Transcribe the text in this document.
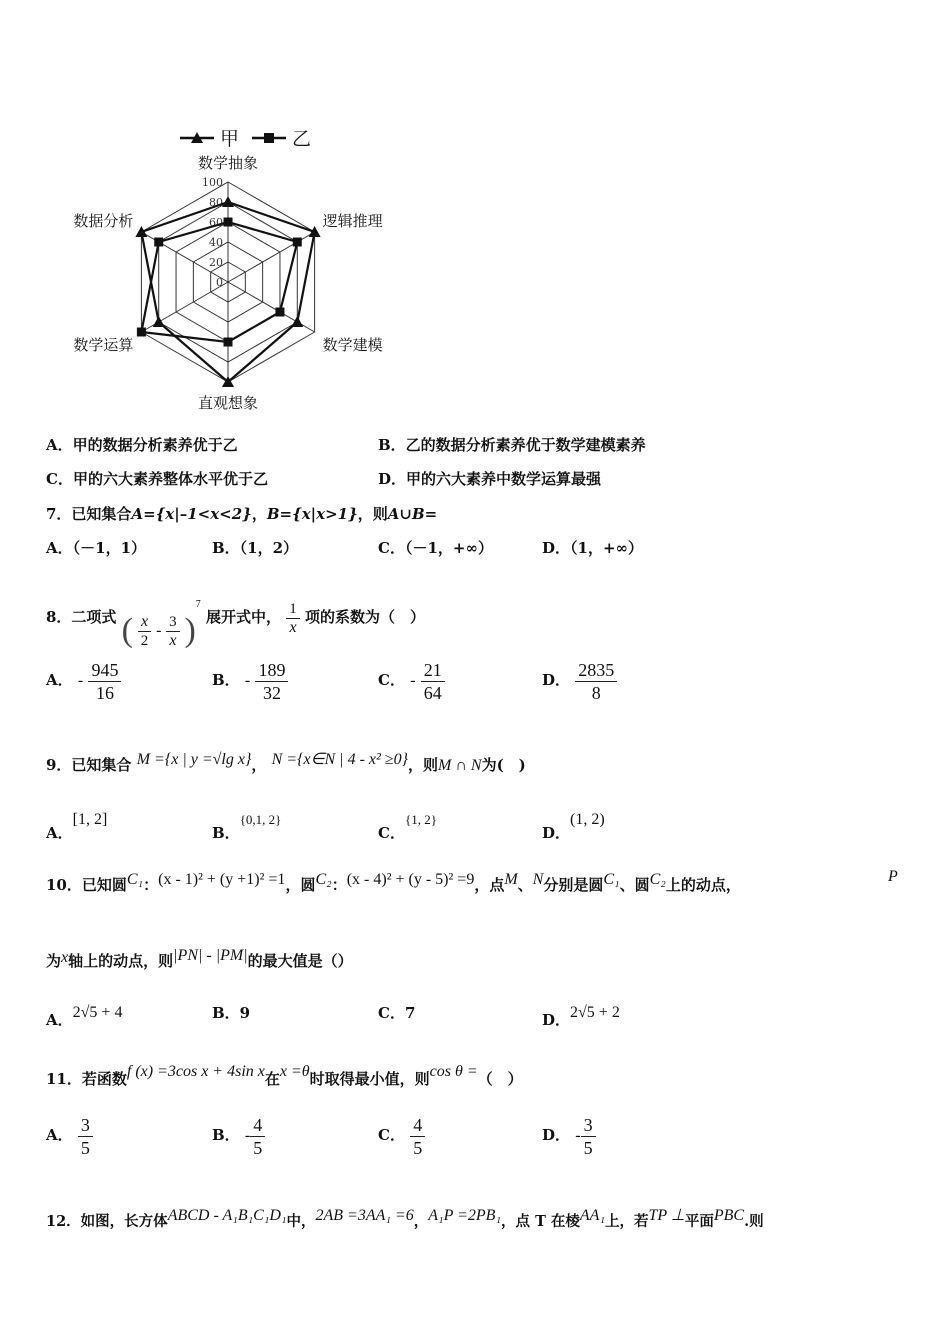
甲	乙
100
80
60
40
20
0
数学抽象
逻辑推理
数学建模
直观想象
数学运算
数据分析
A．甲的数据分析素养优于乙	B．乙的数据分析素养优于数学建模素养
C．甲的六大素养整体水平优于乙	D．甲的六大素养中数学运算最强
7．已知集合A={x|–1<x<2}，B={x|x>1}，则A∪B=
A．（－1，1）	B．（1，2）	C．（－1，+∞）	D．（1，+∞）
8．二项式 ( $\frac{x}{2} - \frac{3}{x} )^7$ 展开式中， $\frac{1}{x}$ 项的系数为（　）
A． - $\frac{945}{16}$	B． - $\frac{189}{32}$	C． - $\frac{21}{64}$	D． $\frac{2835}{8}$
9．已知集合 M ={x | y =√lg x}， N ={x∈N | 4 - x² ≥0}，则M ∩ N为(　)
A．[1, 2]
B．{0,1, 2}
C．{1, 2}
D．(1, 2)
10．已知圆C₁：(x - 1)² + (y +1)² =1，圆C₂：(x - 4)² + (y - 5)² =9，点M、N分别是圆C₁、圆C₂上的动点，	P
为x轴上的动点，则|PN| - |PM|的最大值是（）
A．2√5 + 4	B．9	C．7	D．2√5 + 2
11．若函数f (x) =3cos x + 4sin x在x =θ时取得最小值，则cos θ =（　）
A． $\frac{3}{5}$	B． - $\frac{4}{5}$	C． $\frac{4}{5}$	D． - $\frac{3}{5}$
12．如图，长方体ABCD - A₁B₁C₁D₁中，2AB =3AA₁ =6，A₁P =2PB₁，点 T 在棱AA₁上，若TP ⊥平面PBC.则
